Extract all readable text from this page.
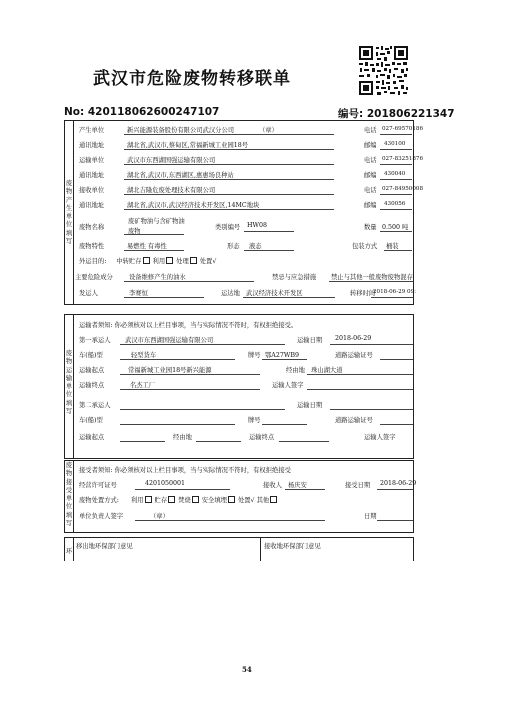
武汉市危险废物转移联单
No: 420118062600247107	编号: 201806221347
废物产生单位填写
产生单位	新兴能源装备股份有限公司武汉分公司	（章）	电话 027-69570186
通讯地址	湖北省,武汉市,蔡甸区,常福新城工业园18号	邮编 430100
运输单位	武汉市东西湖国强运输有限公司	电话 027-83251876
通讯地址	湖北省,武汉市,东西湖区,惠惠场良种站	邮编 430040
接收单位	湖北吉隆危废处理技术有限公司	电话 027-84950008
通讯地址	湖北省,武汉市,武汉经济技术开发区,14MC地块	邮编 430056
废物名称
废矿物油与含矿物油
废物
类别编号 HW08	数量 0.500 吨
废物特性	易燃性 有毒性	形态 液态	包装方式 桶装
外运目的: 中转贮存 利用 处理 处置√
主要危险成分	设备维修产生的油水	禁忌与应急措施 禁止与其他一般废物废物混存
发运人	李赛恒	运达地 武汉经济技术开发区	转移时间
2018-06-29 09:
废物运输单位填写
运输者须知: 你必须核对以上栏目事项，当与实际情况不符时，有权拒绝接受。
第一承运人 武汉市东西湖国强运输有限公司	运输日期 2018-06-29
车(船)型	轻型货车	牌号 鄂A27WB9	道路运输证号
运输起点	常福新城工业园18号新兴能源	经由地 珠山湖大道
运输终点	名杰工厂	运输人签字
第二承运人	运输日期
车(船)型	牌号	道路运输证号
运输起点	经由地	运输终点	运输人签字
废物接受单位填写
接受者须知: 你必须核对以上栏目事项，当与实际情况不符时，有权拒绝接受
经营许可证号	4201050001	接收人 杨庆安	接受日期 2018-06-29
废物处置方式: 利用 贮存 焚烧 安全填埋 处置√ 其他
单位负责人签字	（章）	日期
环
移出地环保部门意见	接收地环保部门意见
54
